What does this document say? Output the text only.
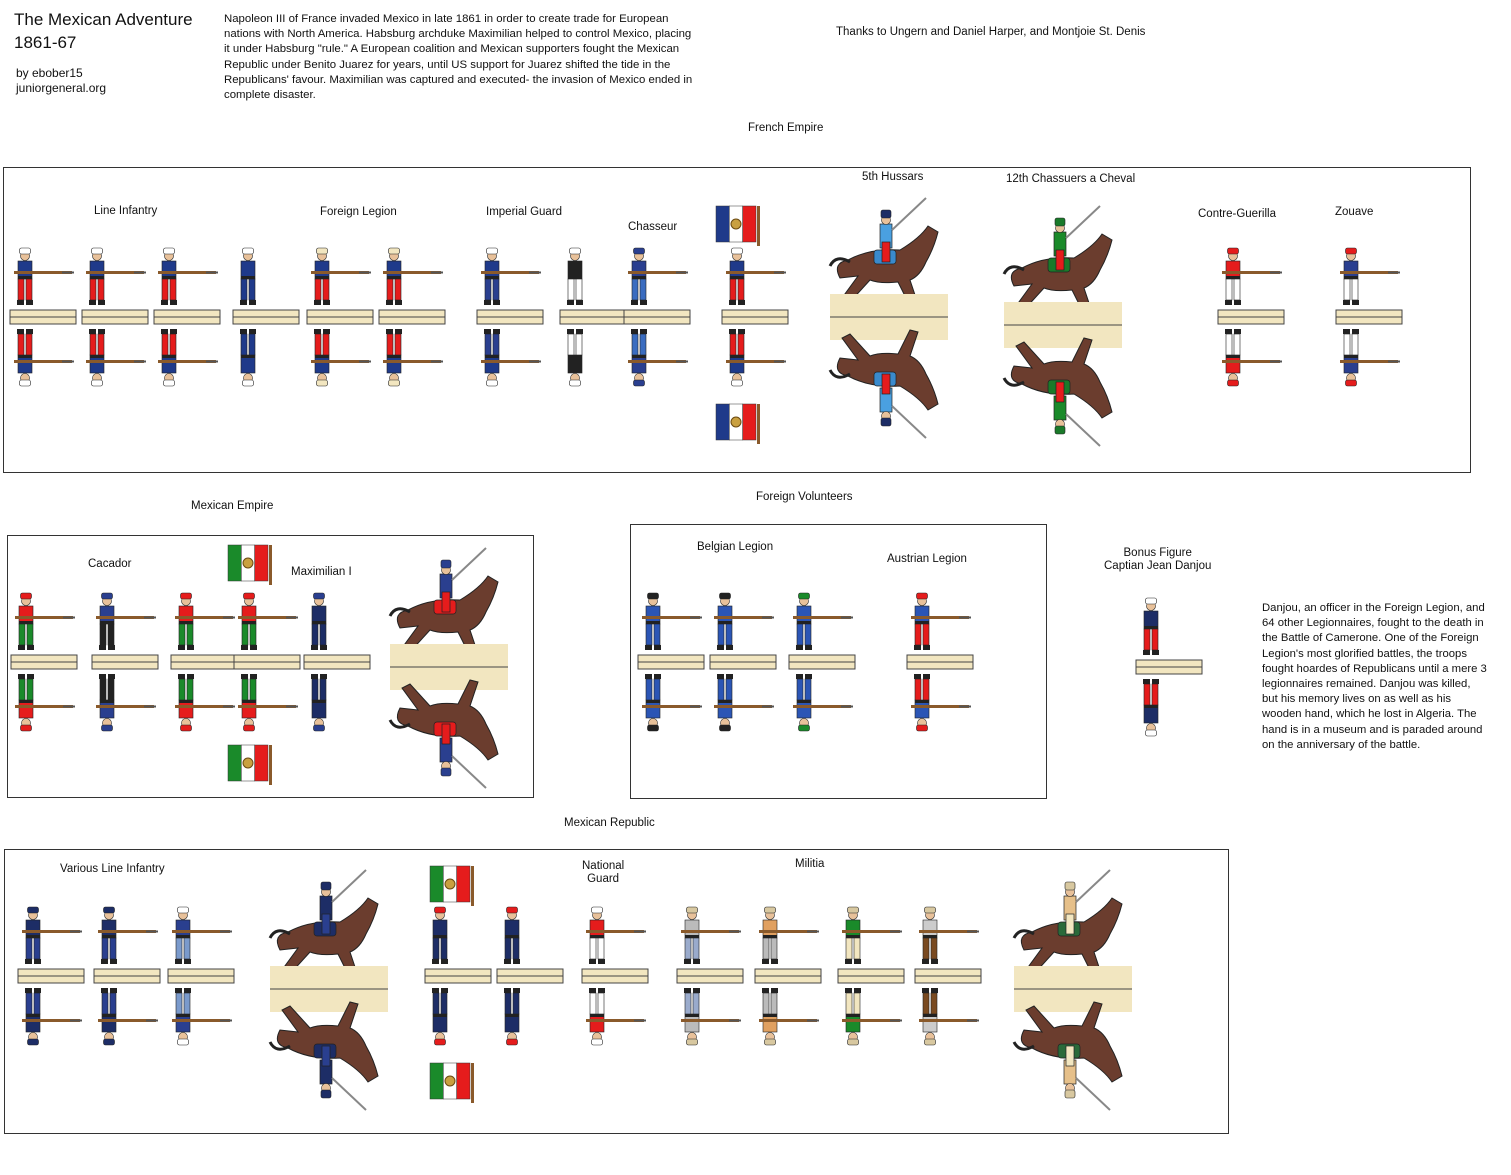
The Mexican Adventure
1861-67
by ebober15
juniorgeneral.org
Napoleon III of France invaded Mexico in late 1861 in order to create trade for European nations with North America. Habsburg archduke Maximilian helped to control Mexico, placing it under Habsburg "rule." A European coalition and Mexican supporters fought the Mexican Republic under Benito Juarez for years, until US support for Juarez shifted the tide in the Republicans' favour. Maximilian was captured and executed- the invasion of Mexico ended in complete disaster.
Thanks to Ungern and Daniel Harper, and Montjoie St. Denis
French Empire
Mexican Empire
Foreign Volunteers
Mexican Republic
Line Infantry	Foreign Legion	Imperial Guard
Chasseur
5th Hussars	12th Chassuers a Cheval
Contre-Guerilla	Zouave
Cacador
Maximilian I
Belgian Legion
Austrian Legion	Bonus Figure
Captian Jean Danjou
Danjou, an officer in the Foreign Legion, and 64 other Legionnaires, fought to the death in the Battle of Camerone. One of the Foreign Legion's most glorified battles, the troops fought hoardes of Republicans until a mere 3 legionnaires remained. Danjou was killed, but his memory lives on as well as his wooden hand, which he lost in Algeria. The hand is in a museum and is paraded around on the anniversary of the battle.
Various Line Infantry	National
Guard
Militia
